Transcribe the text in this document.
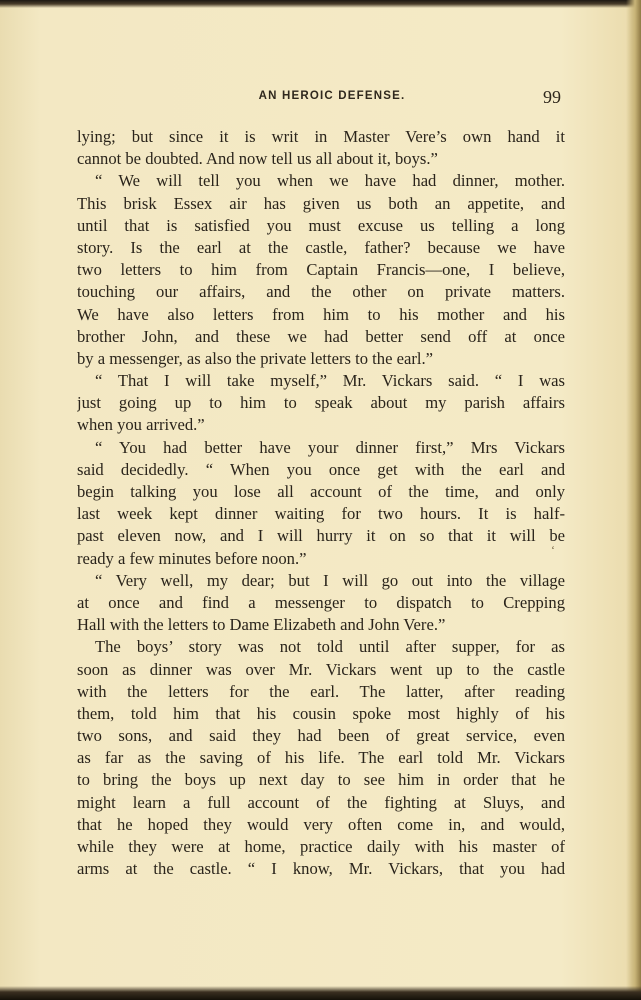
AN HEROIC DEFENSE.	99
lying; but since it is writ in Master Vere’s own hand it
cannot be doubted. And now tell us all about it, boys.”
“ We will tell you when we have had dinner, mother.
This brisk Essex air has given us both an appetite, and
until that is satisfied you must excuse us telling a long
story. Is the earl at the castle, father? because we have
two letters to him from Captain Francis—one, I believe,
touching our affairs, and the other on private matters.
We have also letters from him to his mother and his
brother John, and these we had better send off at once
by a messenger, as also the private letters to the earl.”
“ That I will take myself,” Mr. Vickars said. “ I was
just going up to him to speak about my parish affairs
when you arrived.”
“ You had better have your dinner first,” Mrs Vickars
said decidedly. “ When you once get with the earl and
begin talking you lose all account of the time, and only
last week kept dinner waiting for two hours. It is half-
past eleven now, and I will hurry it on so that it will be
ready a few minutes before noon.”
“ Very well, my dear; but I will go out into the village
at once and find a messenger to dispatch to Crepping
Hall with the letters to Dame Elizabeth and John Vere.”
The boys’ story was not told until after supper, for as
soon as dinner was over Mr. Vickars went up to the castle
with the letters for the earl. The latter, after reading
them, told him that his cousin spoke most highly of his
two sons, and said they had been of great service, even
as far as the saving of his life. The earl told Mr. Vickars
to bring the boys up next day to see him in order that he
might learn a full account of the fighting at Sluys, and
that he hoped they would very often come in, and would,
while they were at home, practice daily with his master of
arms at the castle. “ I know, Mr. Vickars, that you had
ʻ
